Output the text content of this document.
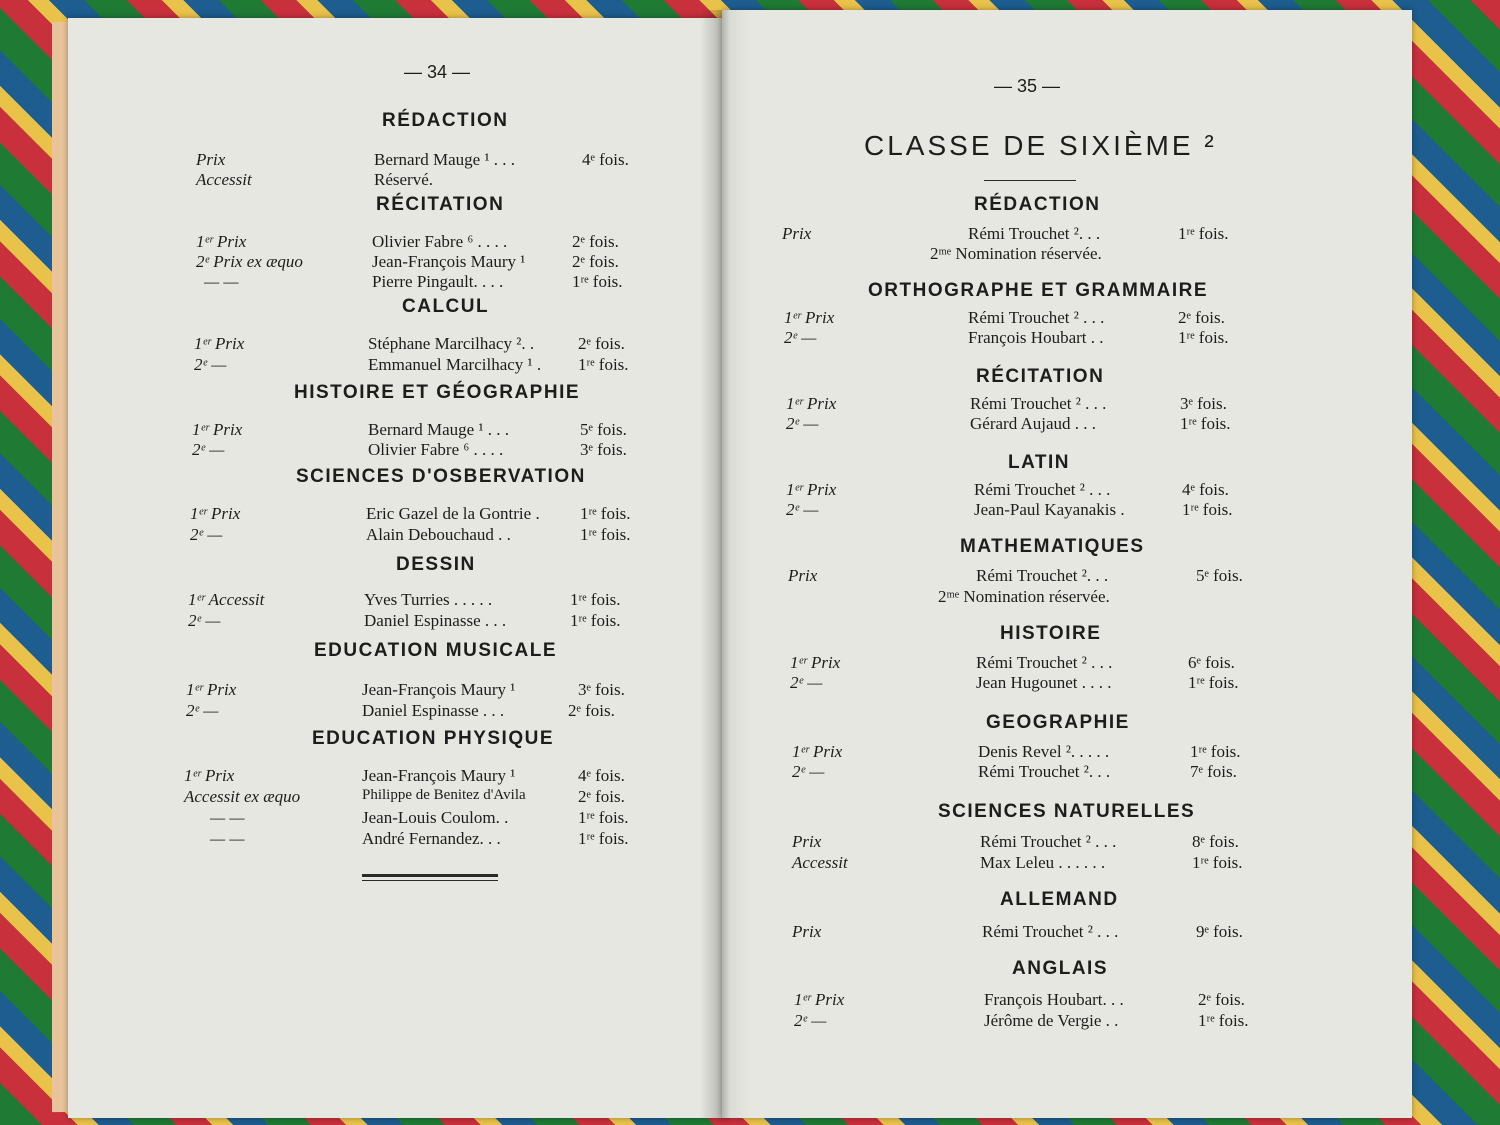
— 34 —
RÉDACTION
Prix	Bernard Mauge ¹ . . .	4ᵉ fois.
Accessit	Réservé.
RÉCITATION
1ᵉʳ Prix	Olivier Fabre ⁶ . . . .	2ᵉ fois.
2ᵉ Prix ex æquo	Jean-François Maury ¹	2ᵉ fois.
— —	Pierre Pingault. . . .	1ʳᵉ fois.
CALCUL
1ᵉʳ Prix	Stéphane Marcilhacy ². .	2ᵉ fois.
2ᵉ —	Emmanuel Marcilhacy ¹ . 1ʳᵉ fois.
HISTOIRE ET GÉOGRAPHIE
1ᵉʳ Prix	Bernard Mauge ¹ . . .	5ᵉ fois.
2ᵉ —	Olivier Fabre ⁶ . . . .	3ᵉ fois.
SCIENCES D'OSBERVATION
1ᵉʳ Prix	Eric Gazel de la Gontrie . 1ʳᵉ fois.
2ᵉ —	Alain Debouchaud . .	1ʳᵉ fois.
DESSIN
1ᵉʳ Accessit	Yves Turries . . . . .	1ʳᵉ fois.
2ᵉ —	Daniel Espinasse . . .	1ʳᵉ fois.
EDUCATION MUSICALE
1ᵉʳ Prix	Jean-François Maury ¹	3ᵉ fois.
2ᵉ —	Daniel Espinasse . . .	2ᵉ fois.
EDUCATION PHYSIQUE
1ᵉʳ Prix	Jean-François Maury ¹	4ᵉ fois.
Accessit ex æquo	Philippe de Benitez d'Avila	2ᵉ fois.
— —	Jean-Louis Coulom. .	1ʳᵉ fois.
— —	André Fernandez. . .	1ʳᵉ fois.
— 35 —
CLASSE DE SIXIÈME ²
RÉDACTION
Prix	Rémi Trouchet ². . .	1ʳᵉ fois.
2ᵐᵉ Nomination réservée.
ORTHOGRAPHE ET GRAMMAIRE
1ᵉʳ Prix	Rémi Trouchet ² . . .	2ᵉ fois.
2ᵉ —	François Houbart . .	1ʳᵉ fois.
RÉCITATION
1ᵉʳ Prix	Rémi Trouchet ² . . .	3ᵉ fois.
2ᵉ —	Gérard Aujaud . . .	1ʳᵉ fois.
LATIN
1ᵉʳ Prix	Rémi Trouchet ² . . .	4ᵉ fois.
2ᵉ —	Jean-Paul Kayanakis .	1ʳᵉ fois.
MATHEMATIQUES
Prix	Rémi Trouchet ². . .	5ᵉ fois.
2ᵐᵉ Nomination réservée.
HISTOIRE
1ᵉʳ Prix	Rémi Trouchet ² . . .	6ᵉ fois.
2ᵉ —	Jean Hugounet . . . .	1ʳᵉ fois.
GEOGRAPHIE
1ᵉʳ Prix	Denis Revel ². . . . .	1ʳᵉ fois.
2ᵉ —	Rémi Trouchet ². . .	7ᵉ fois.
SCIENCES NATURELLES
Prix	Rémi Trouchet ² . . .	8ᵉ fois.
Accessit	Max Leleu . . . . . .	1ʳᵉ fois.
ALLEMAND
Prix	Rémi Trouchet ² . . .	9ᵉ fois.
ANGLAIS
1ᵉʳ Prix	François Houbart. . .	2ᵉ fois.
2ᵉ —	Jérôme de Vergie . .	1ʳᵉ fois.
